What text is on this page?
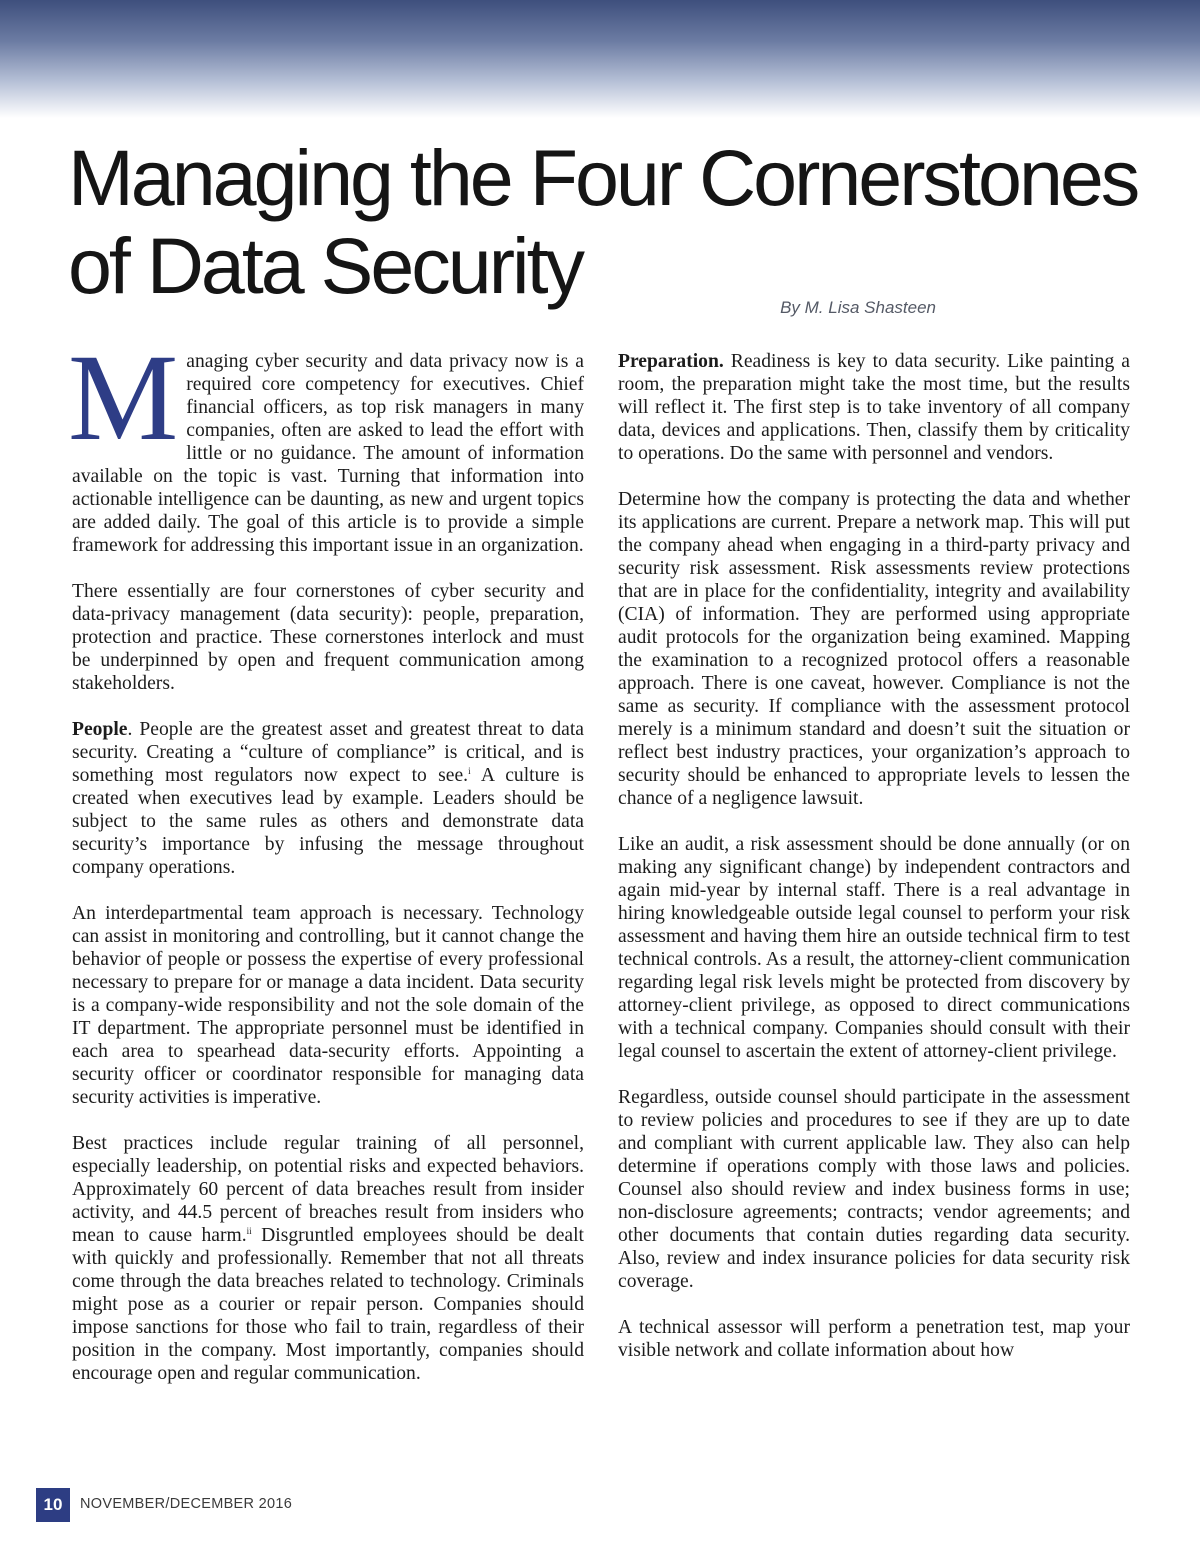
Managing the Four Cornerstones
of Data Security	By M. Lisa Shasteen

Managing cyber security and data privacy now is a required core competency for executives. Chief financial officers, as top risk managers in many companies, often are asked to lead the effort with little or no guidance. The amount of information available on the topic is vast. Turning that information into actionable intelligence can be daunting, as new and urgent topics are added daily. The goal of this article is to provide a simple framework for addressing this important issue in an organization.

There essentially are four cornerstones of cyber security and data-privacy management (data security): people, preparation, protection and practice. These cornerstones interlock and must be underpinned by open and frequent communication among stakeholders.

People. People are the greatest asset and greatest threat to data security. Creating a “culture of compliance” is critical, and is something most regulators now expect to see.$^i$ A culture is created when executives lead by example. Leaders should be subject to the same rules as others and demonstrate data security’s importance by infusing the message throughout company operations.

An interdepartmental team approach is necessary. Technology can assist in monitoring and controlling, but it cannot change the behavior of people or possess the expertise of every professional necessary to prepare for or manage a data incident. Data security is a company-wide responsibility and not the sole domain of the IT department. The appropriate personnel must be identified in each area to spearhead data-security efforts. Appointing a security officer or coordinator responsible for managing data security activities is imperative.

Best practices include regular training of all personnel, especially leadership, on potential risks and expected behaviors. Approximately 60 percent of data breaches result from insider activity, and 44.5 percent of breaches result from insiders who mean to cause harm.$^{ii}$ Disgruntled employees should be dealt with quickly and professionally. Remember that not all threats come through the data breaches related to technology. Criminals might pose as a courier or repair person. Companies should impose sanctions for those who fail to train, regardless of their position in the company. Most importantly, companies should encourage open and regular communication.

Preparation. Readiness is key to data security. Like painting a room, the preparation might take the most time, but the results will reflect it. The first step is to take inventory of all company data, devices and applications. Then, classify them by criticality to operations. Do the same with personnel and vendors.

Determine how the company is protecting the data and whether its applications are current. Prepare a network map. This will put the company ahead when engaging in a third-party privacy and security risk assessment. Risk assessments review protections that are in place for the confidentiality, integrity and availability (CIA) of information. They are performed using appropriate audit protocols for the organization being examined. Mapping the examination to a recognized protocol offers a reasonable approach. There is one caveat, however. Compliance is not the same as security. If compliance with the assessment protocol merely is a minimum standard and doesn’t suit the situation or reflect best industry practices, your organization’s approach to security should be enhanced to appropriate levels to lessen the chance of a negligence lawsuit.

Like an audit, a risk assessment should be done annually (or on making any significant change) by independent contractors and again mid-year by internal staff. There is a real advantage in hiring knowledgeable outside legal counsel to perform your risk assessment and having them hire an outside technical firm to test technical controls. As a result, the attorney-client communication regarding legal risk levels might be protected from discovery by attorney-client privilege, as opposed to direct communications with a technical company. Companies should consult with their legal counsel to ascertain the extent of attorney-client privilege.

Regardless, outside counsel should participate in the assessment to review policies and procedures to see if they are up to date and compliant with current applicable law. They also can help determine if operations comply with those laws and policies. Counsel also should review and index business forms in use; non-disclosure agreements; contracts; vendor agreements; and other documents that contain duties regarding data security. Also, review and index insurance policies for data security risk coverage.

A technical assessor will perform a penetration test, map your visible network and collate information about how

10	NOVEMBER/DECEMBER 2016
